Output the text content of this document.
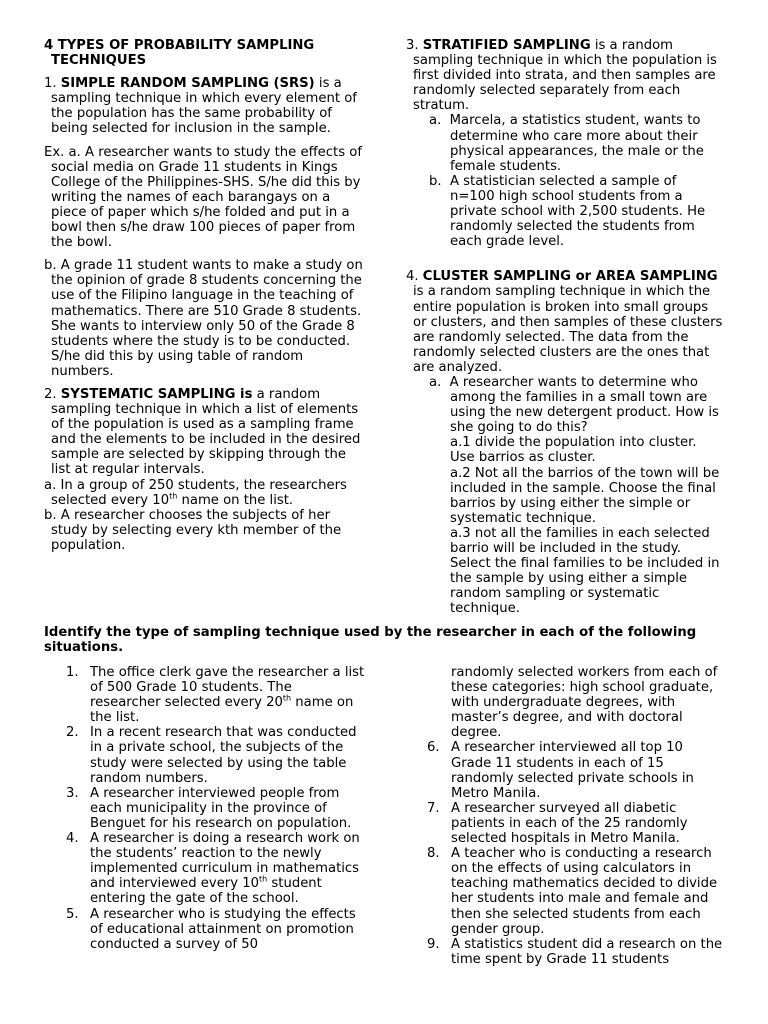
4 TYPES OF PROBABILITY SAMPLING TECHNIQUES

1. SIMPLE RANDOM SAMPLING (SRS) is a sampling technique in which every element of the population has the same probability of being selected for inclusion in the sample.

Ex. a. A researcher wants to study the effects of social media on Grade 11 students in Kings College of the Philippines-SHS. S/he did this by writing the names of each barangays on a piece of paper which s/he folded and put in a bowl then s/he draw 100 pieces of paper from the bowl.

b. A grade 11 student wants to make a study on the opinion of grade 8 students concerning the use of the Filipino language in the teaching of mathematics. There are 510 Grade 8 students. She wants to interview only 50 of the Grade 8 students where the study is to be conducted. S/he did this by using table of random numbers.

2. SYSTEMATIC SAMPLING is a random sampling technique in which a list of elements of the population is used as a sampling frame and the elements to be included in the desired sample are selected by skipping through the list at regular intervals.

a. In a group of 250 students, the researchers selected every 10th name on the list.

b. A researcher chooses the subjects of her study by selecting every kth member of the population.

3. STRATIFIED SAMPLING is a random sampling technique in which the population is first divided into strata, and then samples are randomly selected separately from each stratum.

a.  Marcela, a statistics student, wants to determine who care more about their physical appearances, the male or the female students.

b.  A statistician selected a sample of n=100 high school students from a private school with 2,500 students. He randomly selected the students from each grade level.

4. CLUSTER SAMPLING or AREA SAMPLING is a random sampling technique in which the entire population is broken into small groups or clusters, and then samples of these clusters are randomly selected. The data from the randomly selected clusters are the ones that are analyzed.

a.  A researcher wants to determine who among the families in a small town are using the new detergent product. How is she going to do this?

a.1 divide the population into cluster. Use barrios as cluster.

a.2 Not all the barrios of the town will be included in the sample. Choose the final barrios by using either the simple or systematic technique.

a.3 not all the families in each selected barrio will be included in the study. Select the final families to be included in the sample by using either a simple random sampling or systematic technique.

Identify the type of sampling technique used by the researcher in each of the following situations.

1. The office clerk gave the researcher a list of 500 Grade 10 students. The researcher selected every 20th name on the list.

2. In a recent research that was conducted in a private school, the subjects of the study were selected by using the table random numbers.

3. A researcher interviewed people from each municipality in the province of Benguet for his research on population.

4. A researcher is doing a research work on the students’ reaction to the newly implemented curriculum in mathematics and interviewed every 10th student entering the gate of the school.

5. A researcher who is studying the effects of educational attainment on promotion conducted a survey of 50

randomly selected workers from each of these categories: high school graduate, with undergraduate degrees, with master’s degree, and with doctoral degree.

6. A researcher interviewed all top 10 Grade 11 students in each of 15 randomly selected private schools in Metro Manila.

7. A researcher surveyed all diabetic patients in each of the 25 randomly selected hospitals in Metro Manila.

8. A teacher who is conducting a research on the effects of using calculators in teaching mathematics decided to divide her students into male and female and then she selected students from each gender group.

9. A statistics student did a research on the time spent by Grade 11 students
